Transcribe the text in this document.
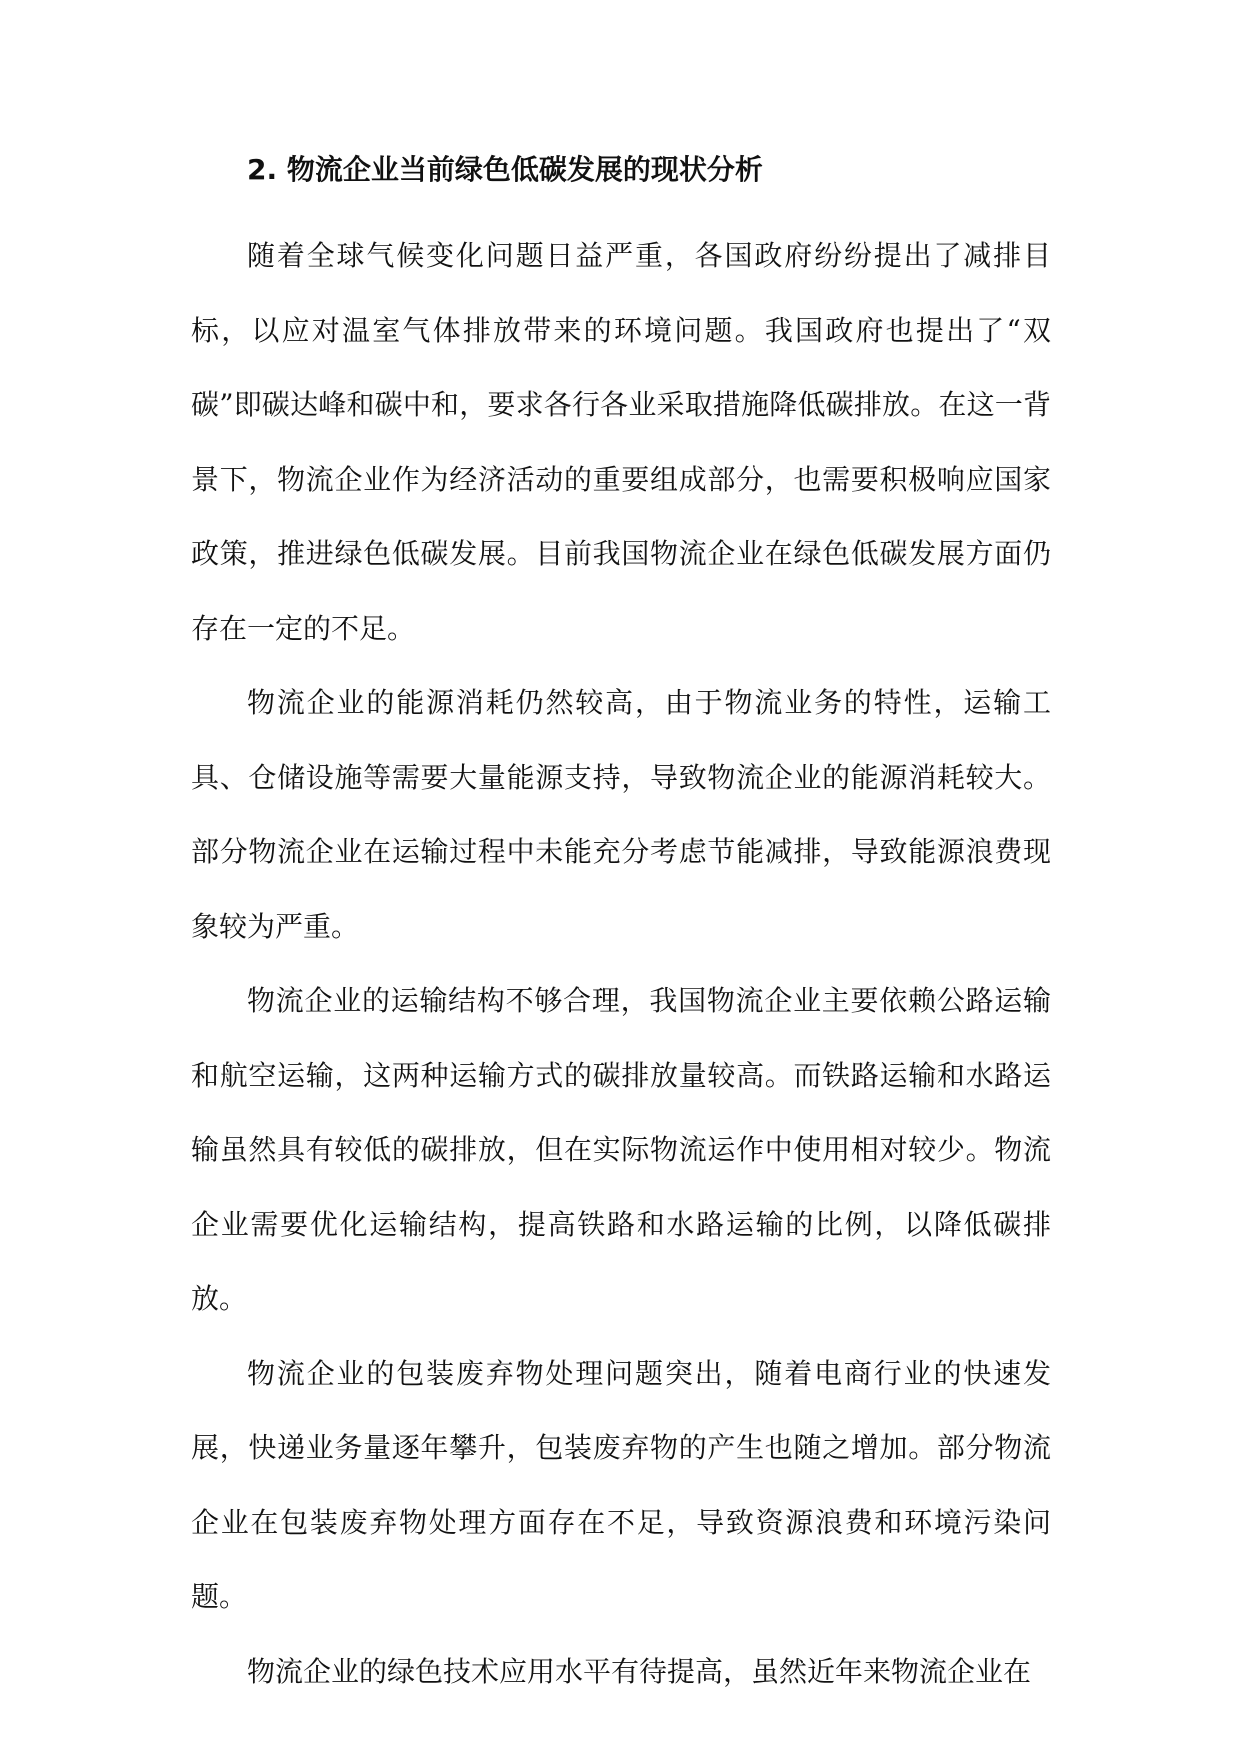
2. 物流企业当前绿色低碳发展的现状分析

随着全球气候变化问题日益严重，各国政府纷纷提出了减排目标，以应对温室气体排放带来的环境问题。我国政府也提出了“双碳”即碳达峰和碳中和，要求各行各业采取措施降低碳排放。在这一背景下，物流企业作为经济活动的重要组成部分，也需要积极响应国家政策，推进绿色低碳发展。目前我国物流企业在绿色低碳发展方面仍存在一定的不足。

物流企业的能源消耗仍然较高，由于物流业务的特性，运输工具、仓储设施等需要大量能源支持，导致物流企业的能源消耗较大。部分物流企业在运输过程中未能充分考虑节能减排，导致能源浪费现象较为严重。

物流企业的运输结构不够合理，我国物流企业主要依赖公路运输和航空运输，这两种运输方式的碳排放量较高。而铁路运输和水路运输虽然具有较低的碳排放，但在实际物流运作中使用相对较少。物流企业需要优化运输结构，提高铁路和水路运输的比例，以降低碳排放。

物流企业的包装废弃物处理问题突出，随着电商行业的快速发展，快递业务量逐年攀升，包装废弃物的产生也随之增加。部分物流企业在包装废弃物处理方面存在不足，导致资源浪费和环境污染问题。

物流企业的绿色技术应用水平有待提高，虽然近年来物流企业在
